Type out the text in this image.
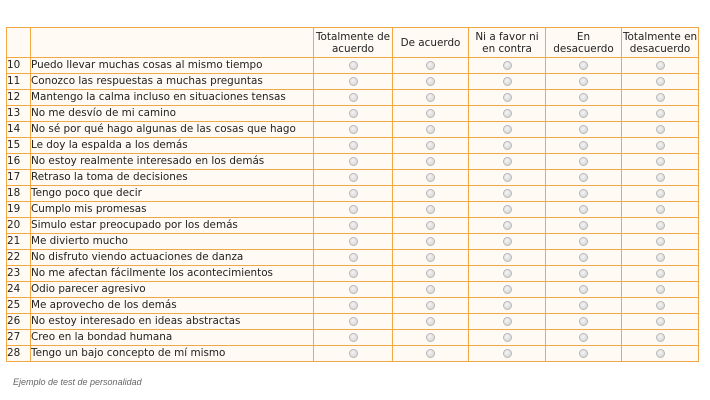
		Totalmente de acuerdo	De acuerdo	Ni a favor ni en contra	En desacuerdo	Totalmente en desacuerdo
10	Puedo llevar muchas cosas al mismo tiempo					
11	Conozco las respuestas a muchas preguntas					
12	Mantengo la calma incluso en situaciones tensas					
13	No me desvío de mi camino					
14	No sé por qué hago algunas de las cosas que hago					
15	Le doy la espalda a los demás					
16	No estoy realmente interesado en los demás					
17	Retraso la toma de decisiones					
18	Tengo poco que decir					
19	Cumplo mis promesas					
20	Simulo estar preocupado por los demás					
21	Me divierto mucho					
22	No disfruto viendo actuaciones de danza					
23	No me afectan fácilmente los acontecimientos					
24	Odio parecer agresivo					
25	Me aprovecho de los demás					
26	No estoy interesado en ideas abstractas					
27	Creo en la bondad humana					
28	Tengo un bajo concepto de mí mismo					
Ejemplo de test de personalidad
